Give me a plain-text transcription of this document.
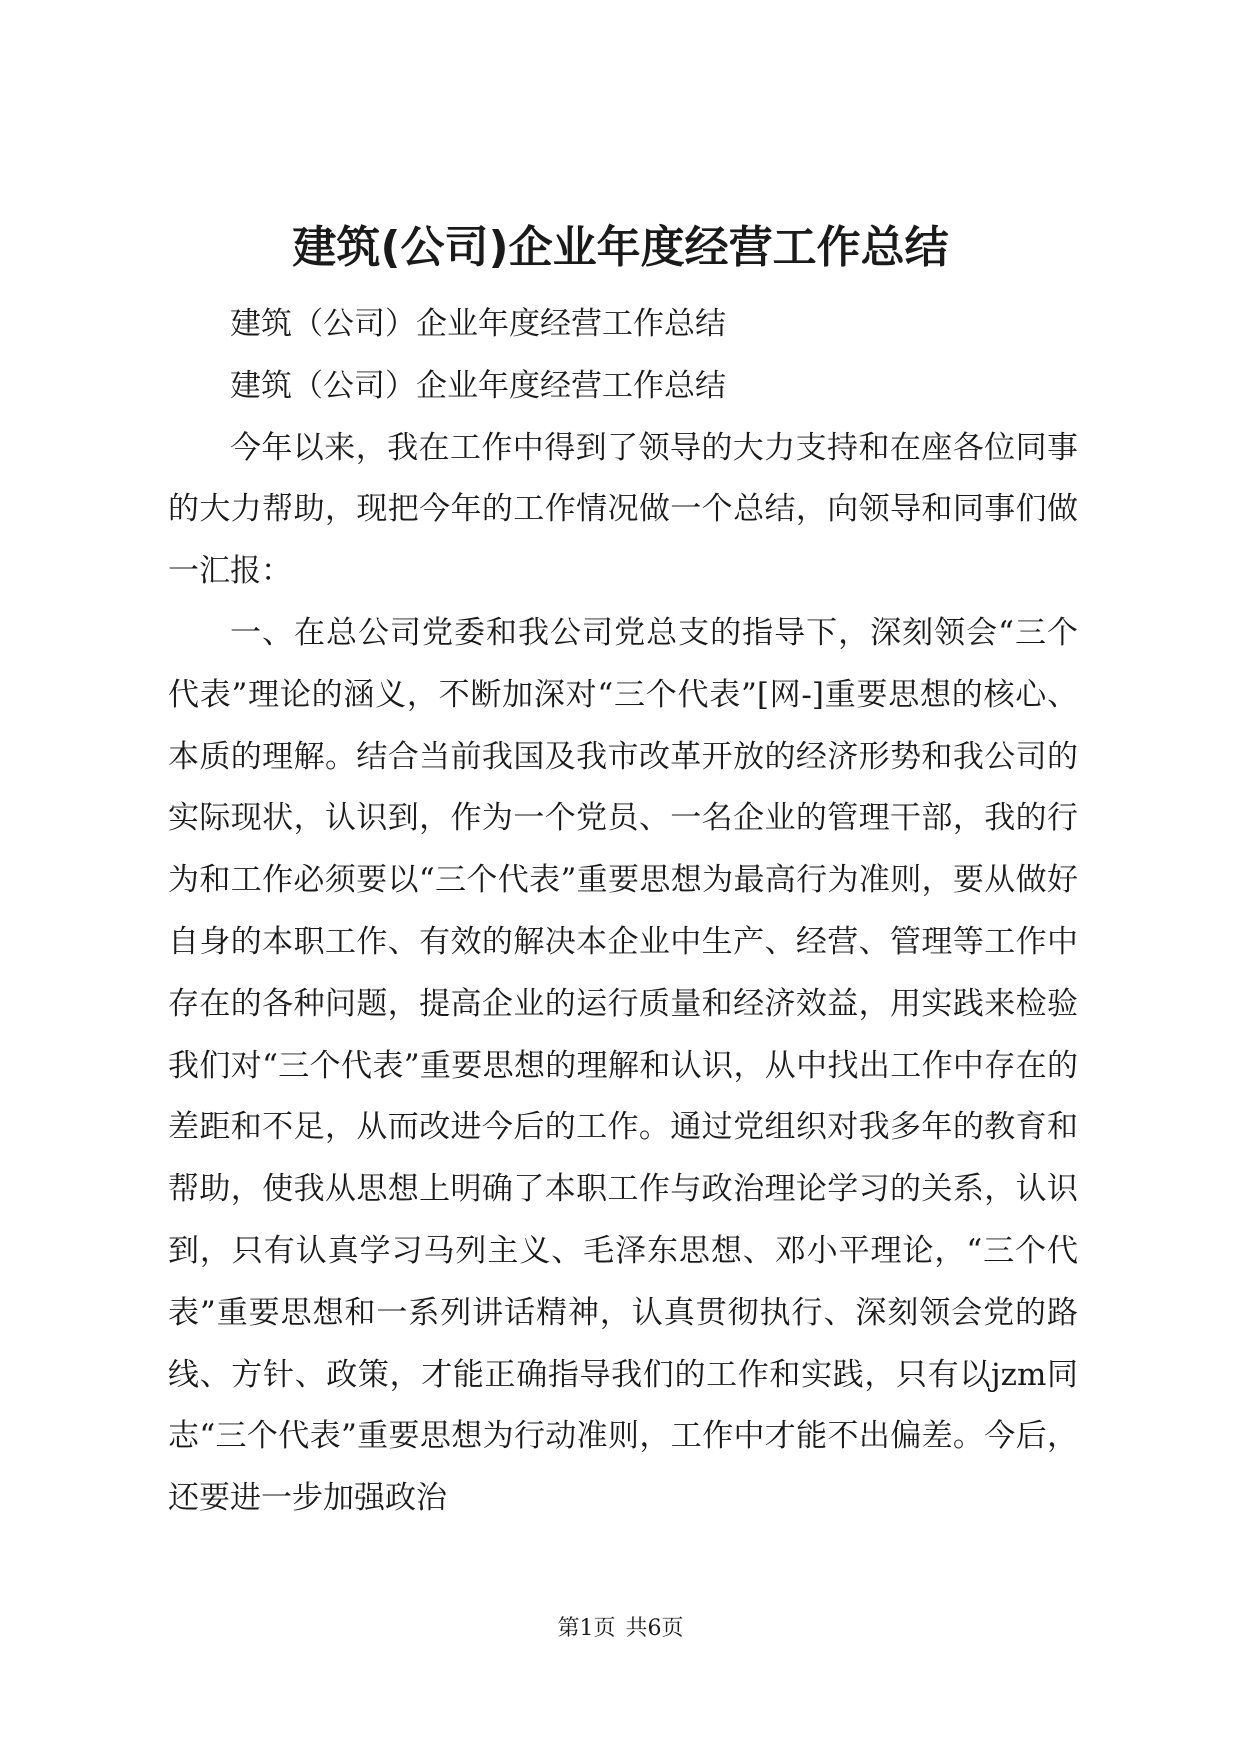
建筑(公司)企业年度经营工作总结

建筑（公司）企业年度经营工作总结

建筑（公司）企业年度经营工作总结

今年以来，我在工作中得到了领导的大力支持和在座各位同事的大力帮助，现把今年的工作情况做一个总结，向领导和同事们做一汇报：

一、在总公司党委和我公司党总支的指导下，深刻领会“三个代表”理论的涵义，不断加深对“三个代表”[网-]重要思想的核心、本质的理解。结合当前我国及我市改革开放的经济形势和我公司的实际现状，认识到，作为一个党员、一名企业的管理干部，我的行为和工作必须要以“三个代表”重要思想为最高行为准则，要从做好自身的本职工作、有效的解决本企业中生产、经营、管理等工作中存在的各种问题，提高企业的运行质量和经济效益，用实践来检验我们对“三个代表”重要思想的理解和认识，从中找出工作中存在的差距和不足，从而改进今后的工作。通过党组织对我多年的教育和帮助，使我从思想上明确了本职工作与政治理论学习的关系，认识到，只有认真学习马列主义、毛泽东思想、邓小平理论，“三个代表”重要思想和一系列讲话精神，认真贯彻执行、深刻领会党的路线、方针、政策，才能正确指导我们的工作和实践，只有以jzm同志“三个代表”重要思想为行动准则，工作中才能不出偏差。今后，还要进一步加强政治

第1页 共6页
